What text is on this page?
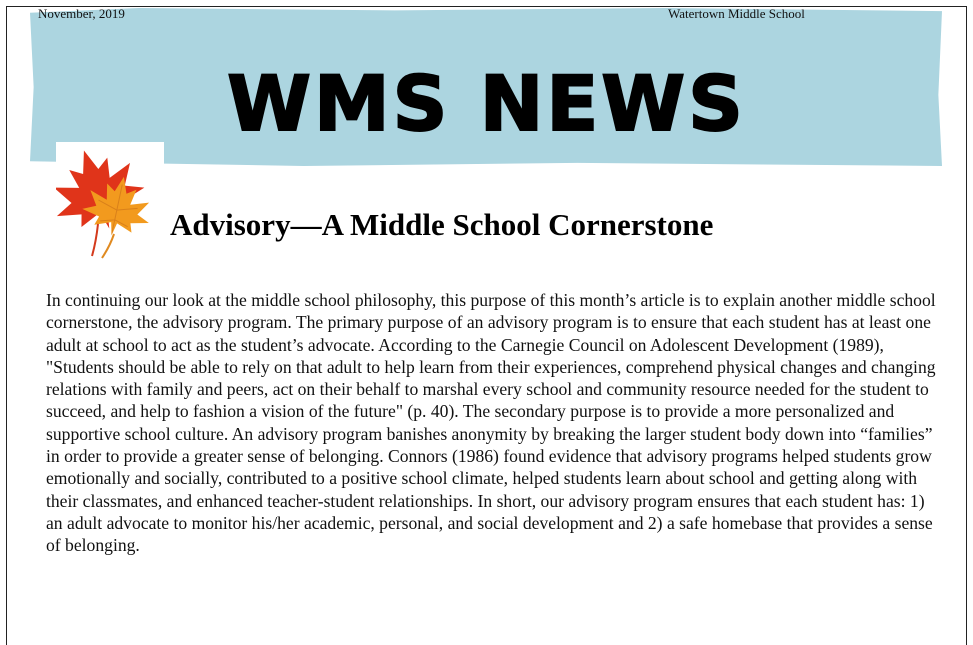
November, 2019	Watertown Middle School
WMS NEWS
Advisory—A Middle School Cornerstone

In continuing our look at the middle school philosophy, this purpose of this month’s article is to explain another middle school cornerstone, the advisory program. The primary purpose of an advisory program is to ensure that each student has at least one adult at school to act as the student’s advocate. According to the Carnegie Council on Adolescent Development (1989), "Students should be able to rely on that adult to help learn from their experiences, comprehend physical changes and changing relations with family and peers, act on their behalf to marshal every school and community resource needed for the student to succeed, and help to fashion a vision of the future" (p. 40). The secondary purpose is to provide a more personalized and supportive school culture. An advisory program banishes anonymity by breaking the larger student body down into “families” in order to provide a greater sense of belonging. Connors (1986) found evidence that advisory programs helped students grow emotionally and socially, contributed to a positive school climate, helped students learn about school and getting along with their classmates, and enhanced teacher-student relationships. In short, our advisory program ensures that each student has: 1) an adult advocate to monitor his/her academic, personal, and social development and 2) a safe homebase that provides a sense of belonging.
